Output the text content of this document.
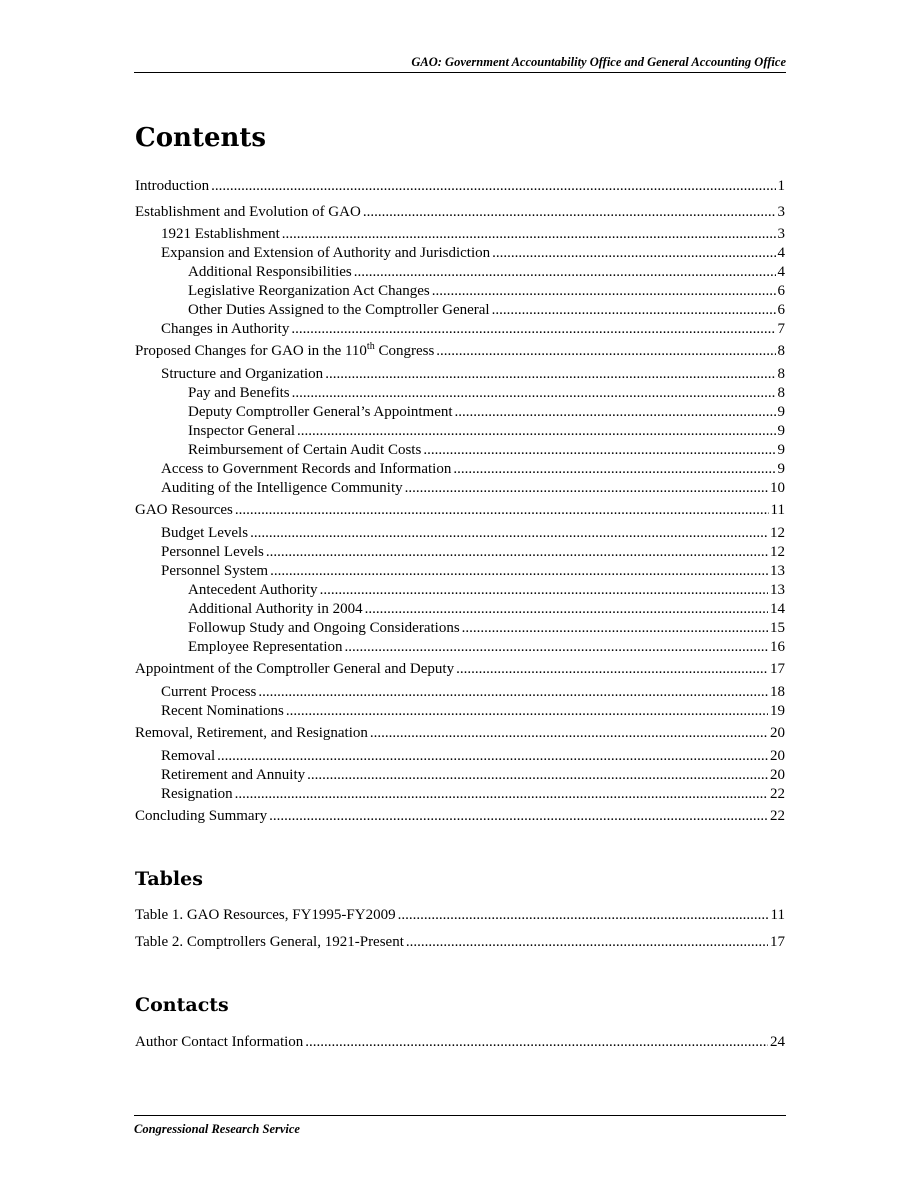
GAO: Government Accountability Office and General Accounting Office
Contents
Introduction .....	1
Establishment and Evolution of GAO .....	3
1921 Establishment .....	3
Expansion and Extension of Authority and Jurisdiction .....	4
Additional Responsibilities .....	4
Legislative Reorganization Act Changes .....	6
Other Duties Assigned to the Comptroller General .....	6
Changes in Authority .....	7
Proposed Changes for GAO in the 110th Congress .....	8
Structure and Organization .....	8
Pay and Benefits .....	8
Deputy Comptroller General’s Appointment .....	9
Inspector General .....	9
Reimbursement of Certain Audit Costs .....	9
Access to Government Records and Information .....	9
Auditing of the Intelligence Community .....	10
GAO Resources .....	11
Budget Levels .....	12
Personnel Levels .....	12
Personnel System .....	13
Antecedent Authority .....	13
Additional Authority in 2004 .....	14
Followup Study and Ongoing Considerations .....	15
Employee Representation .....	16
Appointment of the Comptroller General and Deputy .....	17
Current Process .....	18
Recent Nominations .....	19
Removal, Retirement, and Resignation .....	20
Removal .....	20
Retirement and Annuity .....	20
Resignation .....	22
Concluding Summary .....	22
Tables
Table 1. GAO Resources, FY1995-FY2009 .....	11
Table 2. Comptrollers General, 1921-Present .....	17
Contacts
Author Contact Information .....	24
Congressional Research Service
